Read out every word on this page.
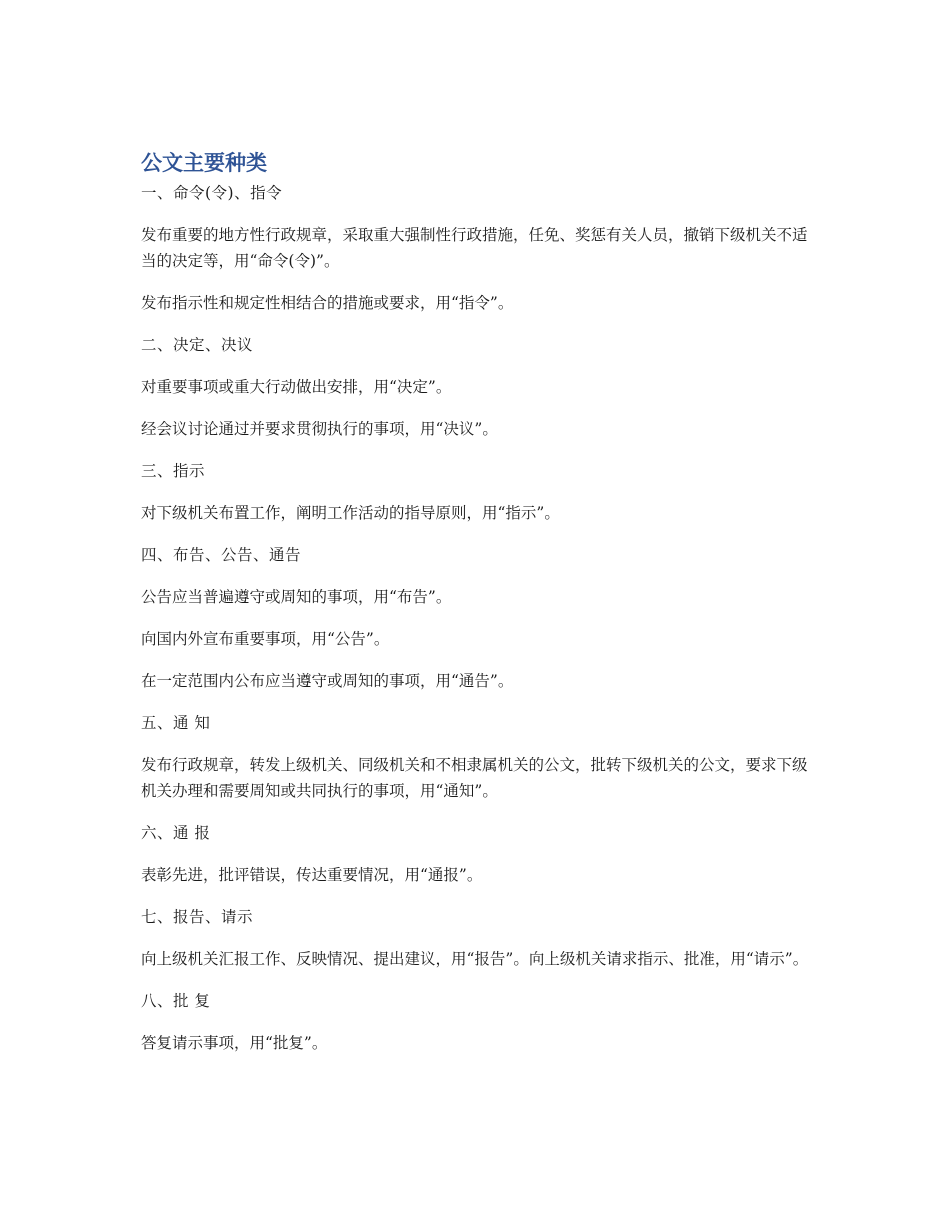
公文主要种类
一、命令(令)、指令
发布重要的地方性行政规章，采取重大强制性行政措施，任免、奖惩有关人员，撤销下级机关不适当的决定等，用“命令(令)”。
发布指示性和规定性相结合的措施或要求，用“指令”。
二、决定、决议
对重要事项或重大行动做出安排，用“决定”。
经会议讨论通过并要求贯彻执行的事项，用“决议”。
三、指示
对下级机关布置工作，阐明工作活动的指导原则，用“指示”。
四、布告、公告、通告
公告应当普遍遵守或周知的事项，用“布告”。
向国内外宣布重要事项，用“公告”。
在一定范围内公布应当遵守或周知的事项，用“通告”。
五、通 知
发布行政规章，转发上级机关、同级机关和不相隶属机关的公文，批转下级机关的公文，要求下级机关办理和需要周知或共同执行的事项，用“通知”。
六、通 报
表彰先进，批评错误，传达重要情况，用“通报”。
七、报告、请示
向上级机关汇报工作、反映情况、提出建议，用“报告”。向上级机关请求指示、批准，用“请示”。
八、批 复
答复请示事项，用“批复”。
